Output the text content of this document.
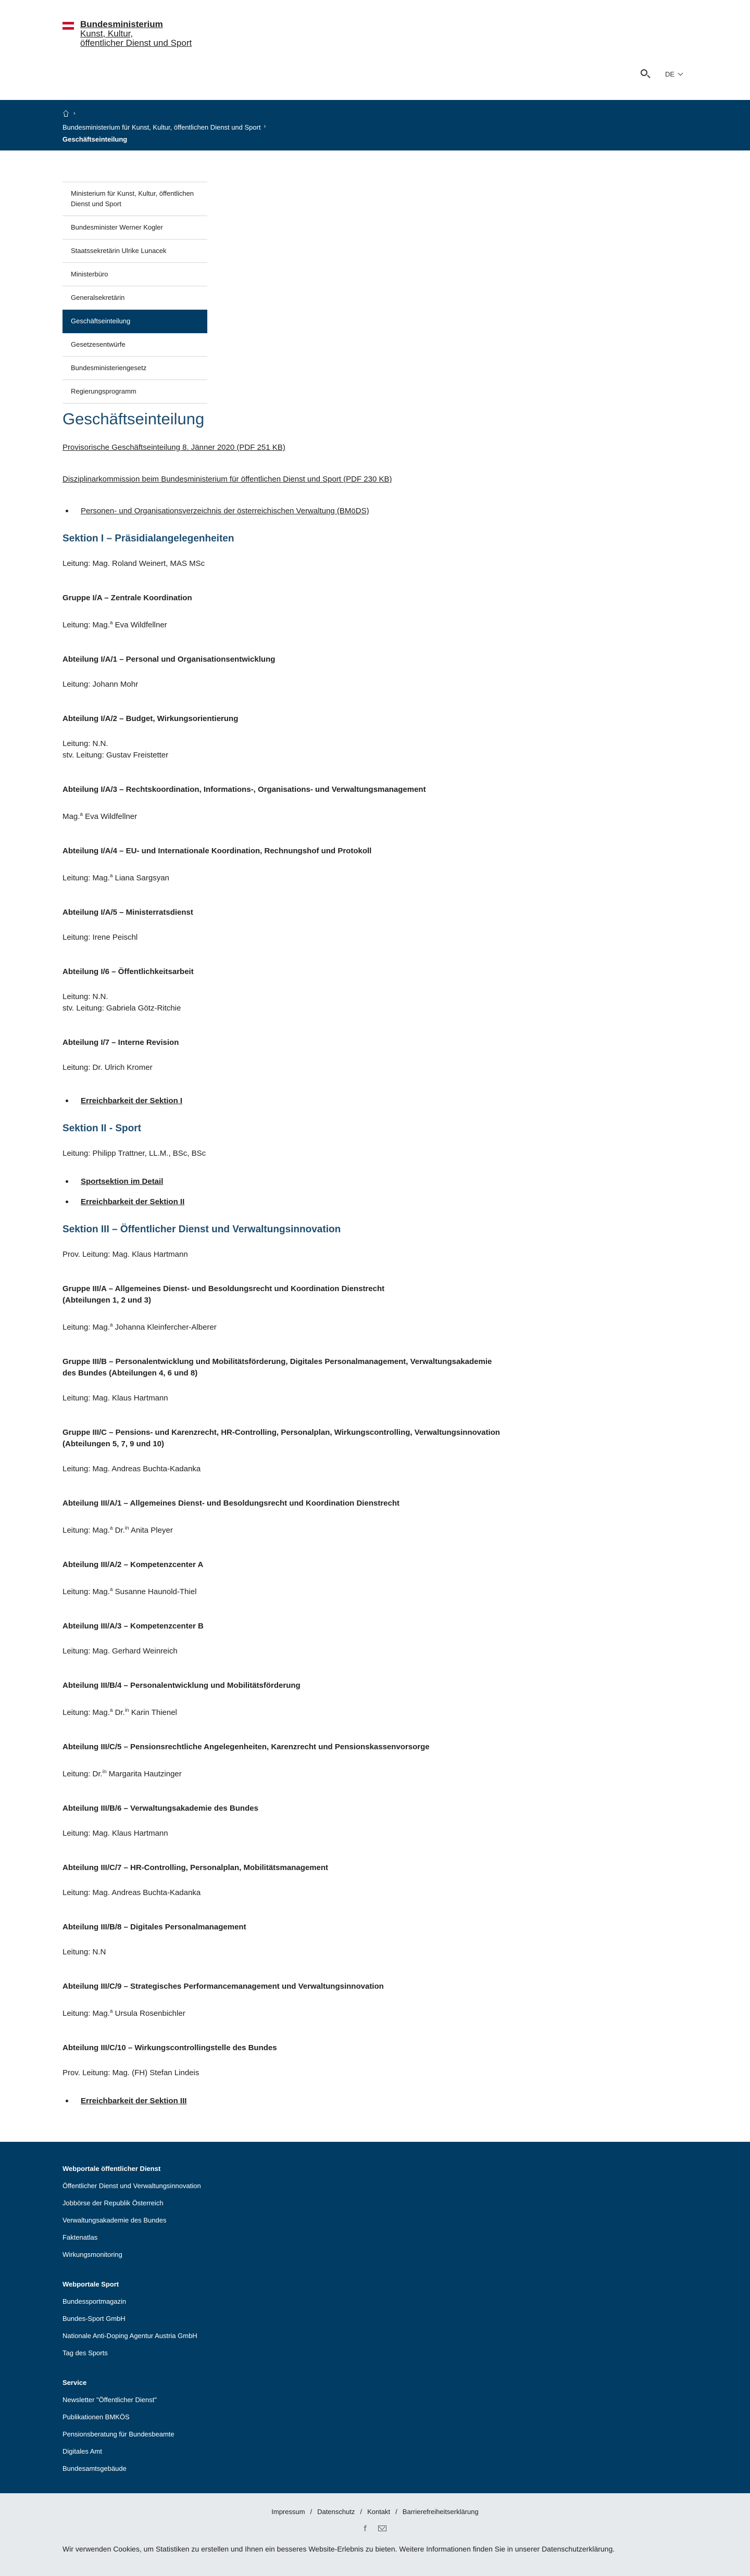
Bundesministerium
Kunst, Kultur,
öffentlicher Dienst und Sport
DE
›
Bundesministerium für Kunst, Kultur, öffentlichen Dienst und Sport ›
Geschäftseinteilung
Ministerium für Kunst, Kultur, öffentlichen Dienst und Sport
Bundesminister Werner Kogler
Staatssekretärin Ulrike Lunacek
Ministerbüro
Generalsekretärin
Geschäftseinteilung
Gesetzesentwürfe
Bundesministeriengesetz
Regierungsprogramm
Geschäftseinteilung
Provisorische Geschäftseinteilung 8. Jänner 2020 (PDF 251 KB)
Disziplinarkommission beim Bundesministerium für öffentlichen Dienst und Sport (PDF 230 KB)
Personen- und Organisationsverzeichnis der österreichischen Verwaltung (BMöDS)
Sektion I – Präsidialangelegenheiten

Leitung: Mag. Roland Weinert, MAS MSc

Gruppe I/A – Zentrale Koordination

Leitung: Mag.$^a$ Eva Wildfellner

Abteilung I/A/1 – Personal und Organisationsentwicklung

Leitung: Johann Mohr

Abteilung I/A/2 – Budget, Wirkungsorientierung

Leitung: N.N.
stv. Leitung: Gustav Freistetter

Abteilung I/A/3 – Rechtskoordination, Informations-, Organisations- und Verwaltungsmanagement

Mag.$^a$ Eva Wildfellner

Abteilung I/A/4 – EU- und Internationale Koordination, Rechnungshof und Protokoll

Leitung: Mag.$^a$ Liana Sargsyan

Abteilung I/A/5 – Ministerratsdienst

Leitung: Irene Peischl

Abteilung I/6 – Öffentlichkeitsarbeit

Leitung: N.N.
stv. Leitung: Gabriela Götz-Ritchie

Abteilung I/7 – Interne Revision

Leitung: Dr. Ulrich Kromer

Erreichbarkeit der Sektion I
Sektion II - Sport

Leitung: Philipp Trattner, LL.M., BSc, BSc

Sportsektion im Detail
Erreichbarkeit der Sektion II
Sektion III – Öffentlicher Dienst und Verwaltungsinnovation

Prov. Leitung: Mag. Klaus Hartmann

Gruppe III/A – Allgemeines Dienst- und Besoldungsrecht und Koordination Dienstrecht
(Abteilungen 1, 2 und 3)

Leitung: Mag.$^a$ Johanna Kleinfercher-Alberer

Gruppe III/B – Personalentwicklung und Mobilitätsförderung, Digitales Personalmanagement, Verwaltungsakademie
des Bundes (Abteilungen 4, 6 und 8)

Leitung: Mag. Klaus Hartmann

Gruppe III/C – Pensions- und Karenzrecht, HR-Controlling, Personalplan, Wirkungscontrolling, Verwaltungsinnovation
(Abteilungen 5, 7, 9 und 10)

Leitung: Mag. Andreas Buchta-Kadanka

Abteilung III/A/1 – Allgemeines Dienst- und Besoldungsrecht und Koordination Dienstrecht

Leitung: Mag.$^a$ Dr.$^{in}$ Anita Pleyer

Abteilung III/A/2 – Kompetenzcenter A

Leitung: Mag.$^a$ Susanne Haunold-Thiel

Abteilung III/A/3 – Kompetenzcenter B

Leitung: Mag. Gerhard Weinreich

Abteilung III/B/4 – Personalentwicklung und Mobilitätsförderung

Leitung: Mag.$^a$ Dr.$^{in}$ Karin Thienel

Abteilung III/C/5 – Pensionsrechtliche Angelegenheiten, Karenzrecht und Pensionskassenvorsorge

Leitung: Dr.$^{in}$ Margarita Hautzinger

Abteilung III/B/6 – Verwaltungsakademie des Bundes

Leitung: Mag. Klaus Hartmann

Abteilung III/C/7 – HR-Controlling, Personalplan, Mobilitätsmanagement

Leitung: Mag. Andreas Buchta-Kadanka

Abteilung III/B/8 – Digitales Personalmanagement

Leitung: N.N

Abteilung III/C/9 – Strategisches Performancemanagement und Verwaltungsinnovation

Leitung: Mag.$^a$ Ursula Rosenbichler

Abteilung III/C/10 – Wirkungscontrollingstelle des Bundes

Prov. Leitung: Mag. (FH) Stefan Lindeis

Erreichbarkeit der Sektion III
Webportale öffentlicher Dienst
Öffentlicher Dienst und Verwaltungsinnovation
Jobbörse der Republik Österreich
Verwaltungsakademie des Bundes
Faktenatlas
Wirkungsmonitoring
Webportale Sport
Bundessportmagazin
Bundes-Sport GmbH
Nationale Anti-Doping Agentur Austria GmbH
Tag des Sports
Service
Newsletter "Öffentlicher Dienst"
Publikationen BMKÖS
Pensionsberatung für Bundesbeamte
Digitales Amt
Bundesamtsgebäude
Impressum / Datenschutz / Kontakt / Barrierefreiheitserklärung
f

Wir verwenden Cookies, um Statistiken zu erstellen und Ihnen ein besseres Website-Erlebnis zu bieten. Weitere Informationen finden Sie in unserer Datenschutzerklärung.
